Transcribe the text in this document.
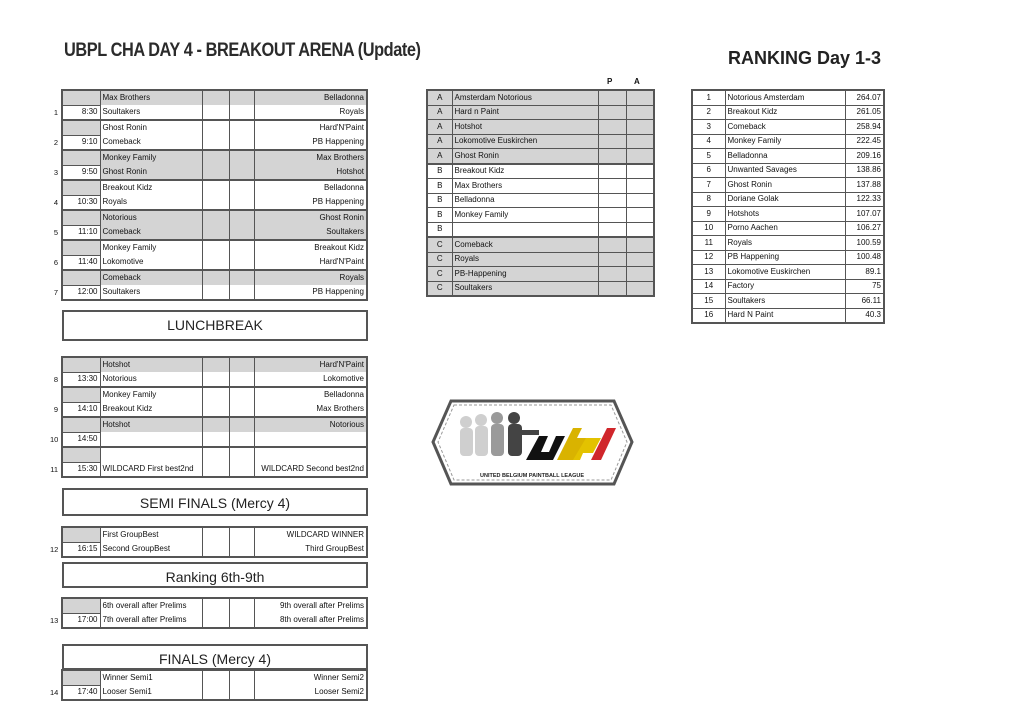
UBPL CHA DAY 4 - BREAKOUT ARENA (Update)	RANKING Day 1-3
		Max Brothers			Belladonna
1	8:30	Soultakers			Royals
		Ghost Ronin			Hard'N'Paint
2	9:10	Comeback			PB Happening
		Monkey Family			Max Brothers
3	9:50	Ghost Ronin			Hotshot
		Breakout Kidz			Belladonna
4	10:30	Royals			PB Happening
		Notorious			Ghost Ronin
5	11:10	Comeback			Soultakers
		Monkey Family			Breakout Kidz
6	11:40	Lokomotive			Hard'N'Paint
		Comeback			Royals
7	12:00	Soultakers			PB Happening
LUNCHBREAK
		Hotshot			Hard'N'Paint
8	13:30	Notorious			Lokomotive
		Monkey Family			Belladonna
9	14:10	Breakout Kidz			Max Brothers
		Hotshot			Notorious
10	14:50				

11	15:30	WILDCARD First best2nd			WILDCARD Second best2nd
SEMI FINALS (Mercy 4)
		First GroupBest			WILDCARD WINNER
12	16:15	Second GroupBest			Third GroupBest
Ranking 6th-9th
		6th overall after Prelims			9th overall after Prelims
13	17:00	7th overall after Prelims			8th overall after Prelims
FINALS (Mercy 4)
		Winner Semi1			Winner Semi2
14	17:40	Looser Semi1			Looser Semi2
P	A
A	Amsterdam Notorious		
A	Hard n Paint		
A	Hotshot		
A	Lokomotive Euskirchen		
A	Ghost Ronin		
B	Breakout Kidz		
B	Max Brothers		
B	Belladonna		
B	Monkey Family		
B			
C	Comeback		
C	Royals		
C	PB-Happening		
C	Soultakers		
1	Notorious Amsterdam	264.07
2	Breakout Kidz	261.05
3	Comeback	258.94
4	Monkey Family	222.45
5	Belladonna	209.16
6	Unwanted Savages	138.86
7	Ghost Ronin	137.88
8	Doriane Golak	122.33
9	Hotshots	107.07
10	Porno Aachen	106.27
11	Royals	100.59
12	PB Happening	100.48
13	Lokomotive Euskirchen	89.1
14	Factory	75
15	Soultakers	66.11
16	Hard N Paint	40.3
UNITED BELGIUM PAINTBALL LEAGUE
